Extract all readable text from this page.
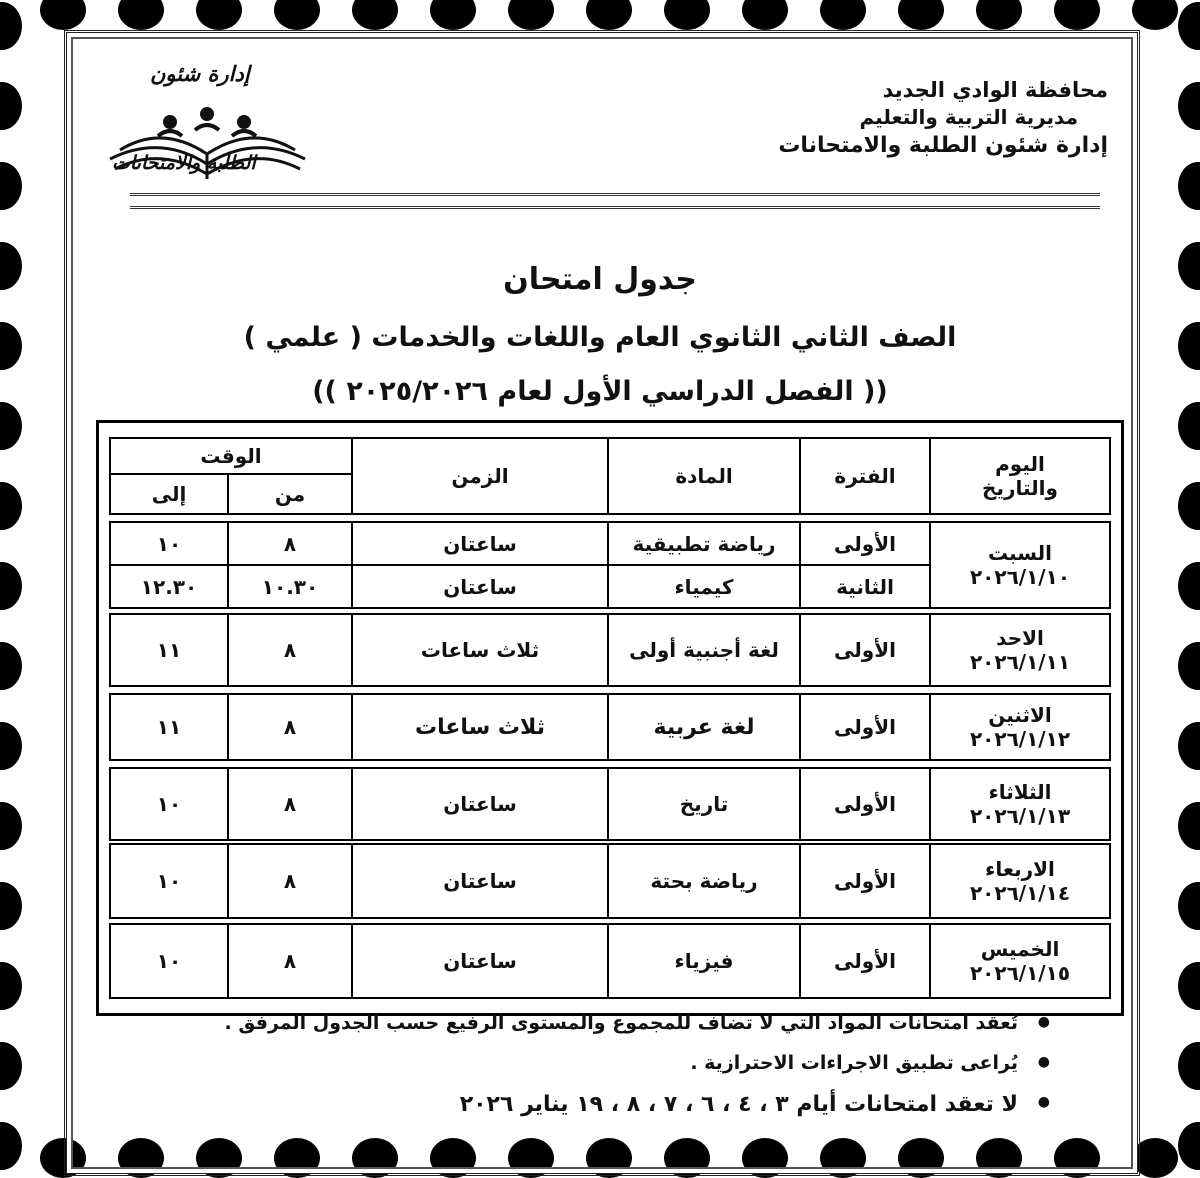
محافظة الوادي الجديد
مديرية التربية والتعليم
إدارة شئون الطلبة والامتحانات
إدارة شئون
الطلبة والامتحانات
جدول امتحان
الصف الثاني الثانوي العام واللغات والخدمات ( علمي )
(( الفصل الدراسي الأول لعام ٢٠٢٥/٢٠٢٦ ))
اليوم والتاريخ
الفترة
المادة
الزمن
الوقت
من
إلى
السبت
٢٠٢٦/١/١٠
الأولى
الثانية
رياضة تطبيقية
كيمياء
ساعتان
ساعتان
٨
١٠.٣٠
١٠
١٢.٣٠
الاحد
٢٠٢٦/١/١١
الأولى
لغة أجنبية أولى
ثلاث ساعات
٨
١١
الاثنين
٢٠٢٦/١/١٢
الأولى
لغة عربية
ثلاث ساعات
٨
١١
الثلاثاء
٢٠٢٦/١/١٣
الأولى
تاريخ
ساعتان
٨
١٠
الاربعاء
٢٠٢٦/١/١٤
الأولى
رياضة بحتة
ساعتان
٨
١٠
الخميس
٢٠٢٦/١/١٥
الأولى
فيزياء
ساعتان
٨
١٠
● تُعقد امتحانات المواد التي لا تضاف للمجموع والمستوى الرفيع حسب الجدول المرفق .
● يُراعى تطبيق الاجراءات الاحترازية .
● لا تعقد امتحانات أيام ٣ ، ٤ ، ٦ ، ٧ ، ٨ ، ١٩ يناير ٢٠٢٦
